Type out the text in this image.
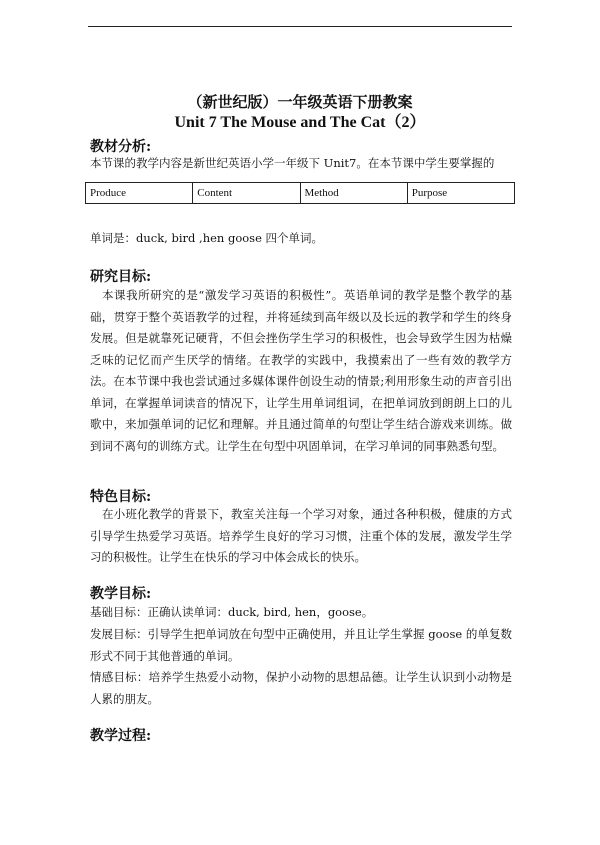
（新世纪版）一年级英语下册教案
Unit 7 The Mouse and The Cat（2）
教材分析:
本节课的教学内容是新世纪英语小学一年级下 Unit7。在本节课中学生要掌握的
Produce	Content	Method	Purpose
单词是：duck, bird ,hen goose 四个单词。
研究目标:
本课我所研究的是“激发学习英语的积极性”。英语单词的教学是整个教学的基础，贯穿于整个英语教学的过程，并将延续到高年级以及长远的教学和学生的终身发展。但是就靠死记硬背，不但会挫伤学生学习的积极性，也会导致学生因为枯燥乏味的记忆而产生厌学的情绪。在教学的实践中，我摸索出了一些有效的教学方法。在本节课中我也尝试通过多媒体课件创设生动的情景;利用形象生动的声音引出单词，在掌握单词读音的情况下，让学生用单词组词，在把单词放到朗朗上口的儿歌中，来加强单词的记忆和理解。并且通过简单的句型让学生结合游戏来训练。做到词不离句的训练方式。让学生在句型中巩固单词，在学习单词的同事熟悉句型。
特色目标:
在小班化教学的背景下，教室关注每一个学习对象，通过各种积极，健康的方式引导学生热爱学习英语。培养学生良好的学习习惯，注重个体的发展，激发学生学习的积极性。让学生在快乐的学习中体会成长的快乐。
教学目标:
基础目标：正确认读单词：duck, bird, hen，goose。
发展目标：引导学生把单词放在句型中正确使用，并且让学生掌握 goose 的单复数形式不同于其他普通的单词。
情感目标：培养学生热爱小动物，保护小动物的思想品德。让学生认识到小动物是人累的朋友。
教学过程:
